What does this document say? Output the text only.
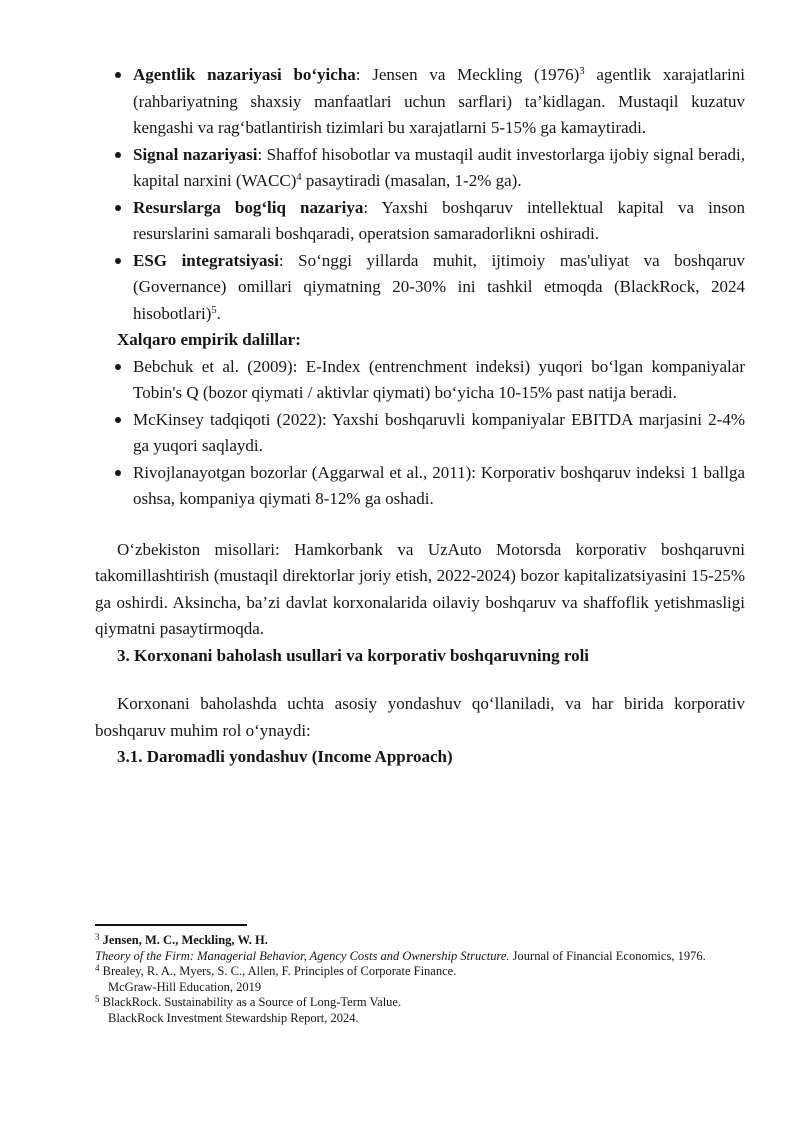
Agentlik nazariyasi bo‘yicha: Jensen va Meckling (1976)$^3$ agentlik xarajatlarini (rahbariyatning shaxsiy manfaatlari uchun sarflari) ta’kidlagan. Mustaqil kuzatuv kengashi va rag‘batlantirish tizimlari bu xarajatlarni 5-15% ga kamaytiradi.
Signal nazariyasi: Shaffof hisobotlar va mustaqil audit investorlarga ijobiy signal beradi, kapital narxini (WACC)$^4$ pasaytiradi (masalan, 1-2% ga).
Resurslarga bog‘liq nazariya: Yaxshi boshqaruv intellektual kapital va inson resurslarini samarali boshqaradi, operatsion samaradorlikni oshiradi.
ESG integratsiyasi: So‘nggi yillarda muhit, ijtimoiy mas'uliyat va boshqaruv (Governance) omillari qiymatning 20-30% ini tashkil etmoqda (BlackRock, 2024 hisobotlari)$^5$.
Xalqaro empirik dalillar:
Bebchuk et al. (2009): E-Index (entrenchment indeksi) yuqori bo‘lgan kompaniyalar Tobin's Q (bozor qiymati / aktivlar qiymati) bo‘yicha 10-15% past natija beradi.
McKinsey tadqiqoti (2022): Yaxshi boshqaruvli kompaniyalar EBITDA marjasini 2-4% ga yuqori saqlaydi.
Rivojlanayotgan bozorlar (Aggarwal et al., 2011): Korporativ boshqaruv indeksi 1 ballga oshsa, kompaniya qiymati 8-12% ga oshadi.

O‘zbekiston misollari: Hamkorbank va UzAuto Motorsda korporativ boshqaruvni takomillashtirish (mustaqil direktorlar joriy etish, 2022-2024) bozor kapitalizatsiyasini 15-25% ga oshirdi. Aksincha, ba’zi davlat korxonalarida oilaviy boshqaruv va shaffoflik yetishmasligi qiymatni pasaytirmoqda.

3. Korxonani baholash usullari va korporativ boshqaruvning roli

Korxonani baholashda uchta asosiy yondashuv qo‘llaniladi, va har birida korporativ boshqaruv muhim rol o‘ynaydi:

3.1. Daromadli yondashuv (Income Approach)
$^3$ Jensen, M. C., Meckling, W. H.
Theory of the Firm: Managerial Behavior, Agency Costs and Ownership Structure. Journal of Financial Economics, 1976.
$^4$ Brealey, R. A., Myers, S. C., Allen, F. Principles of Corporate Finance.
McGraw-Hill Education, 2019
$^5$ BlackRock. Sustainability as a Source of Long-Term Value.
BlackRock Investment Stewardship Report, 2024.
